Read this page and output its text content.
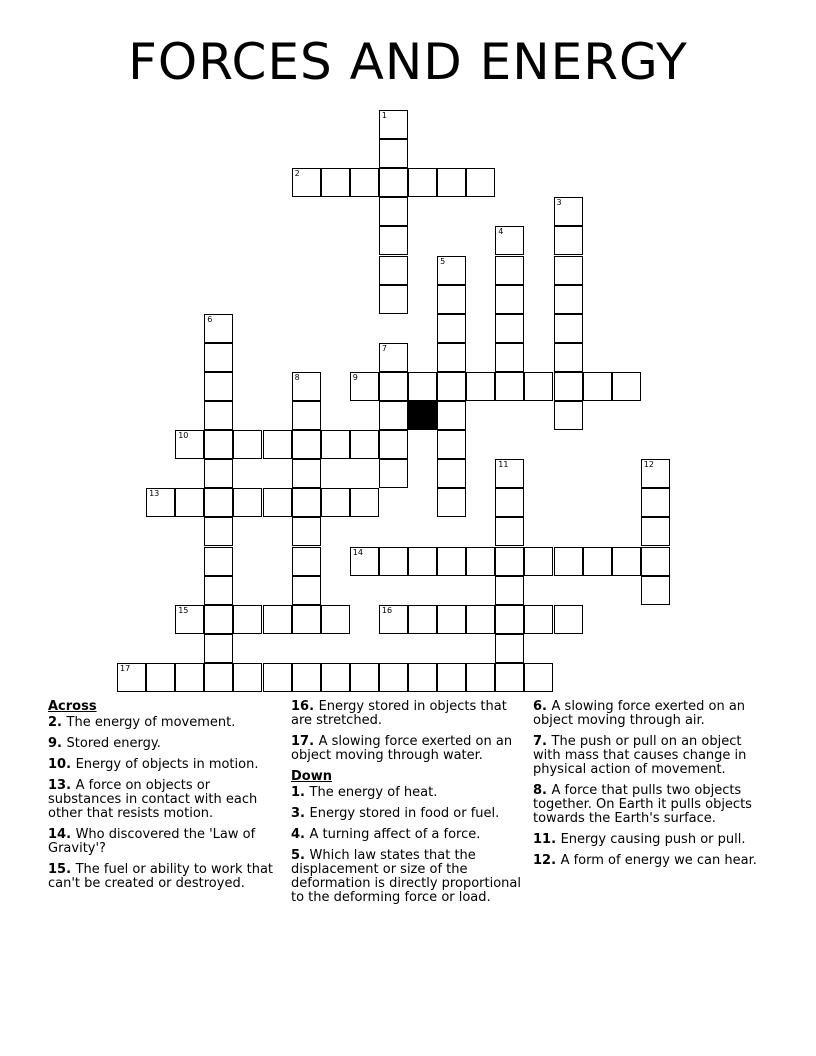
FORCES AND ENERGY
1
2
3
4
5
6
7
8	9
10
11	12
13
14
15	16
17
Across
2. The energy of movement.
9. Stored energy.
10. Energy of objects in motion.
13. A force on objects or substances in contact with each other that resists motion.
14. Who discovered the 'Law of Gravity'?
15. The fuel or ability to work that can't be created or destroyed.
16. Energy stored in objects that are stretched.
17. A slowing force exerted on an object moving through water.
Down
1. The energy of heat.
3. Energy stored in food or fuel.
4. A turning affect of a force.
5. Which law states that the displacement or size of the deformation is directly proportional to the deforming force or load.
6. A slowing force exerted on an object moving through air.
7. The push or pull on an object with mass that causes change in physical action of movement.
8. A force that pulls two objects together. On Earth it pulls objects towards the Earth's surface.
11. Energy causing push or pull.
12. A form of energy we can hear.
